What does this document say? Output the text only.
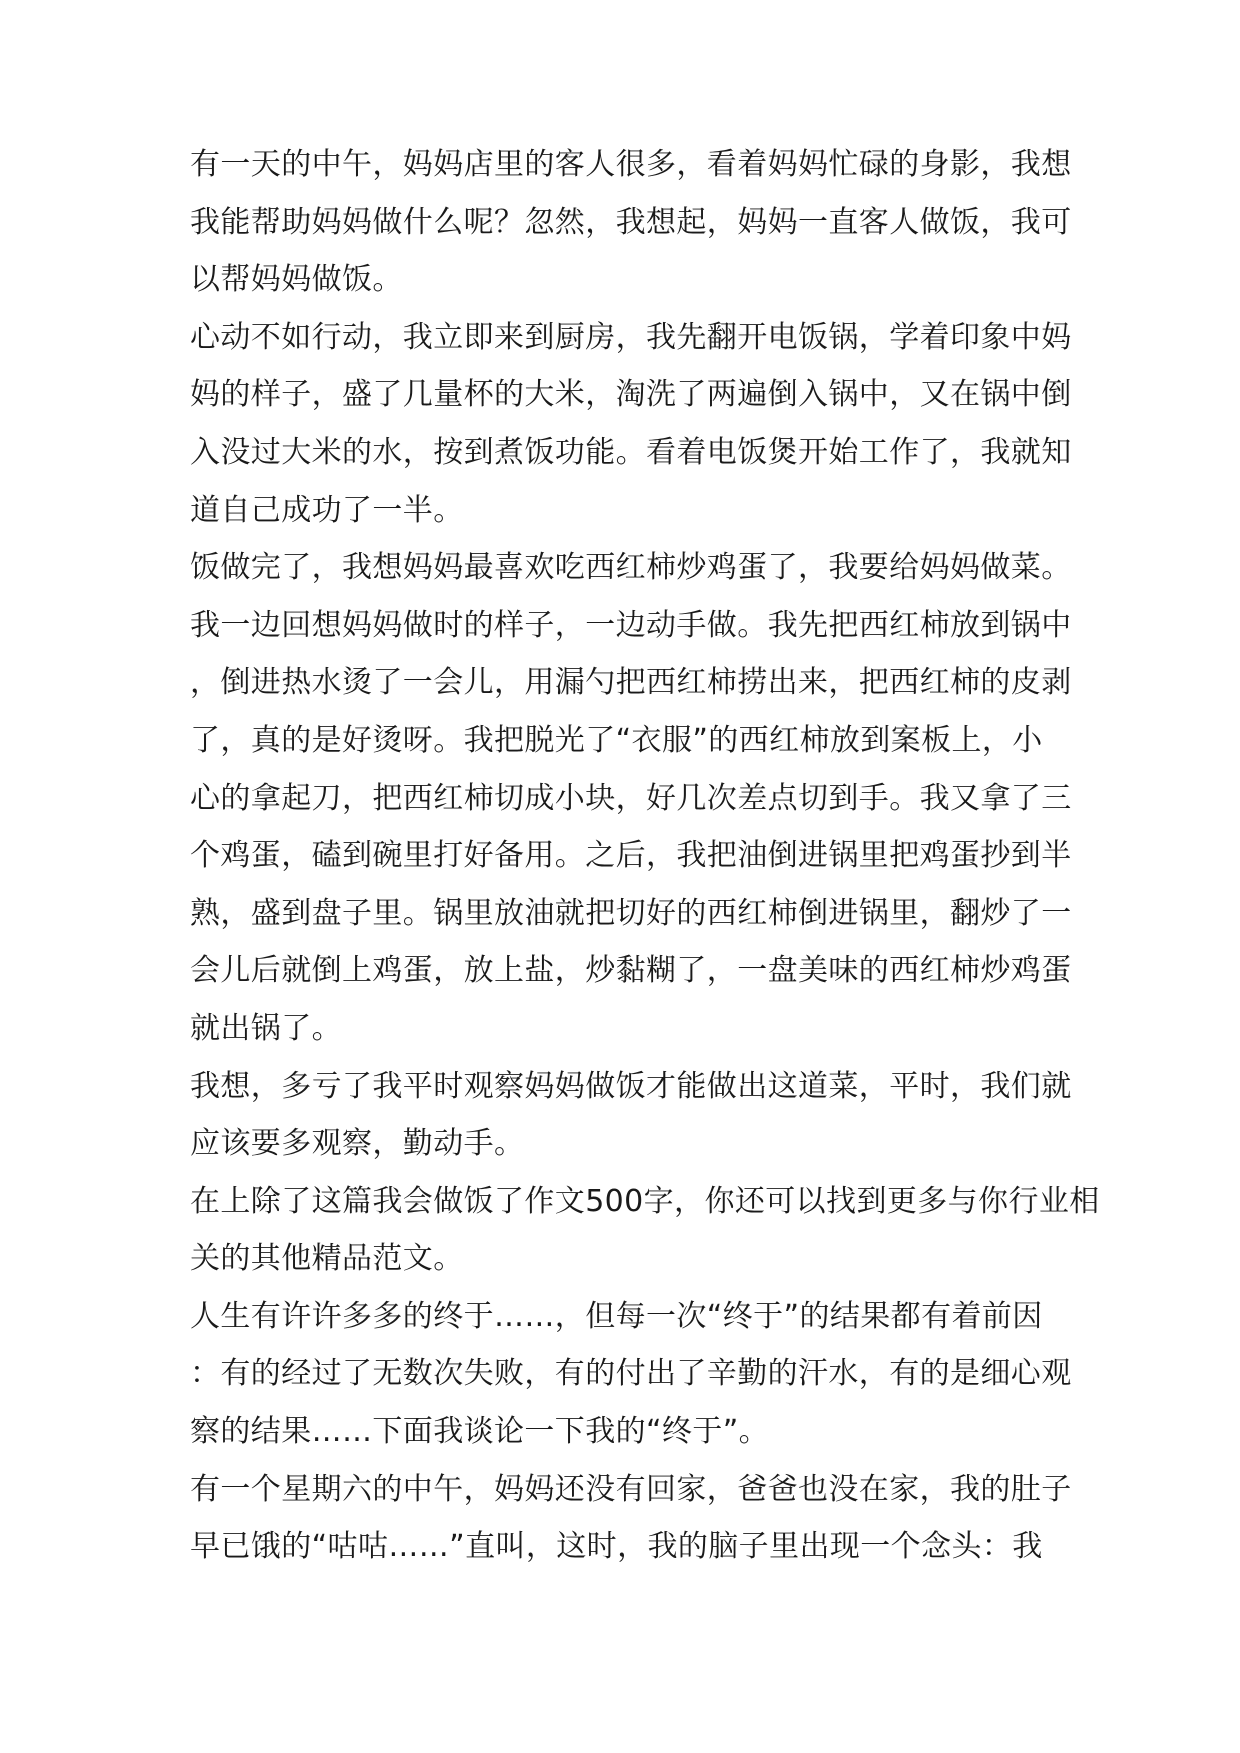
有一天的中午，妈妈店里的客人很多，看着妈妈忙碌的身影，我想
我能帮助妈妈做什么呢？忽然，我想起，妈妈一直客人做饭，我可
以帮妈妈做饭。
心动不如行动，我立即来到厨房，我先翻开电饭锅，学着印象中妈
妈的样子，盛了几量杯的大米，淘洗了两遍倒入锅中，又在锅中倒
入没过大米的水，按到煮饭功能。看着电饭煲开始工作了，我就知
道自己成功了一半。
饭做完了，我想妈妈最喜欢吃西红柿炒鸡蛋了，我要给妈妈做菜。
我一边回想妈妈做时的样子，一边动手做。我先把西红柿放到锅中
，倒进热水烫了一会儿，用漏勺把西红柿捞出来，把西红柿的皮剥
了，真的是好烫呀。我把脱光了“衣服”的西红柿放到案板上，小
心的拿起刀，把西红柿切成小块，好几次差点切到手。我又拿了三
个鸡蛋，磕到碗里打好备用。之后，我把油倒进锅里把鸡蛋抄到半
熟，盛到盘子里。锅里放油就把切好的西红柿倒进锅里，翻炒了一
会儿后就倒上鸡蛋，放上盐，炒黏糊了，一盘美味的西红柿炒鸡蛋
就出锅了。
我想，多亏了我平时观察妈妈做饭才能做出这道菜，平时，我们就
应该要多观察，勤动手。
在上除了这篇我会做饭了作文500字，你还可以找到更多与你行业相
关的其他精品范文。
人生有许许多多的终于……，但每一次“终于”的结果都有着前因
：有的经过了无数次失败，有的付出了辛勤的汗水，有的是细心观
察的结果……下面我谈论一下我的“终于”。
有一个星期六的中午，妈妈还没有回家，爸爸也没在家，我的肚子
早已饿的“咕咕……”直叫，这时，我的脑子里出现一个念头：我
